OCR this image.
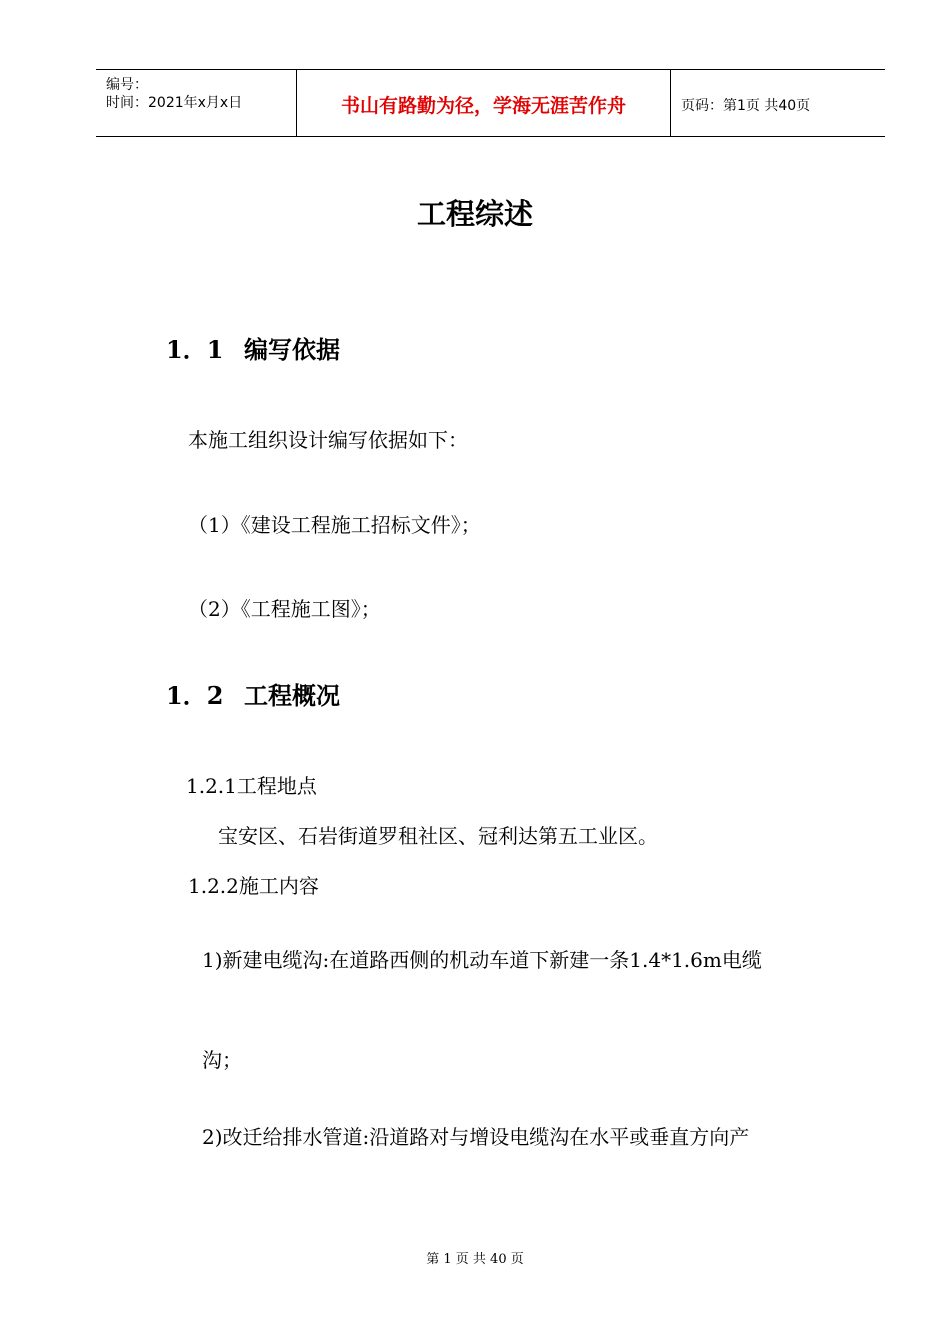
编号：
时间：2021年x月x日	书山有路勤为径，学海无涯苦作舟	页码：第1页 共40页
工程综述
1．1 编写依据
本施工组织设计编写依据如下：
（1）《建设工程施工招标文件》；
（2）《工程施工图》；
1．2 工程概况
1.2.1工程地点
宝安区、石岩街道罗租社区、冠利达第五工业区。
1.2.2施工内容
1)新建电缆沟:在道路西侧的机动车道下新建一条1.4*1.6m电缆
沟；
2)改迁给排水管道:沿道路对与增设电缆沟在水平或垂直方向产
第 1 页 共 40 页
